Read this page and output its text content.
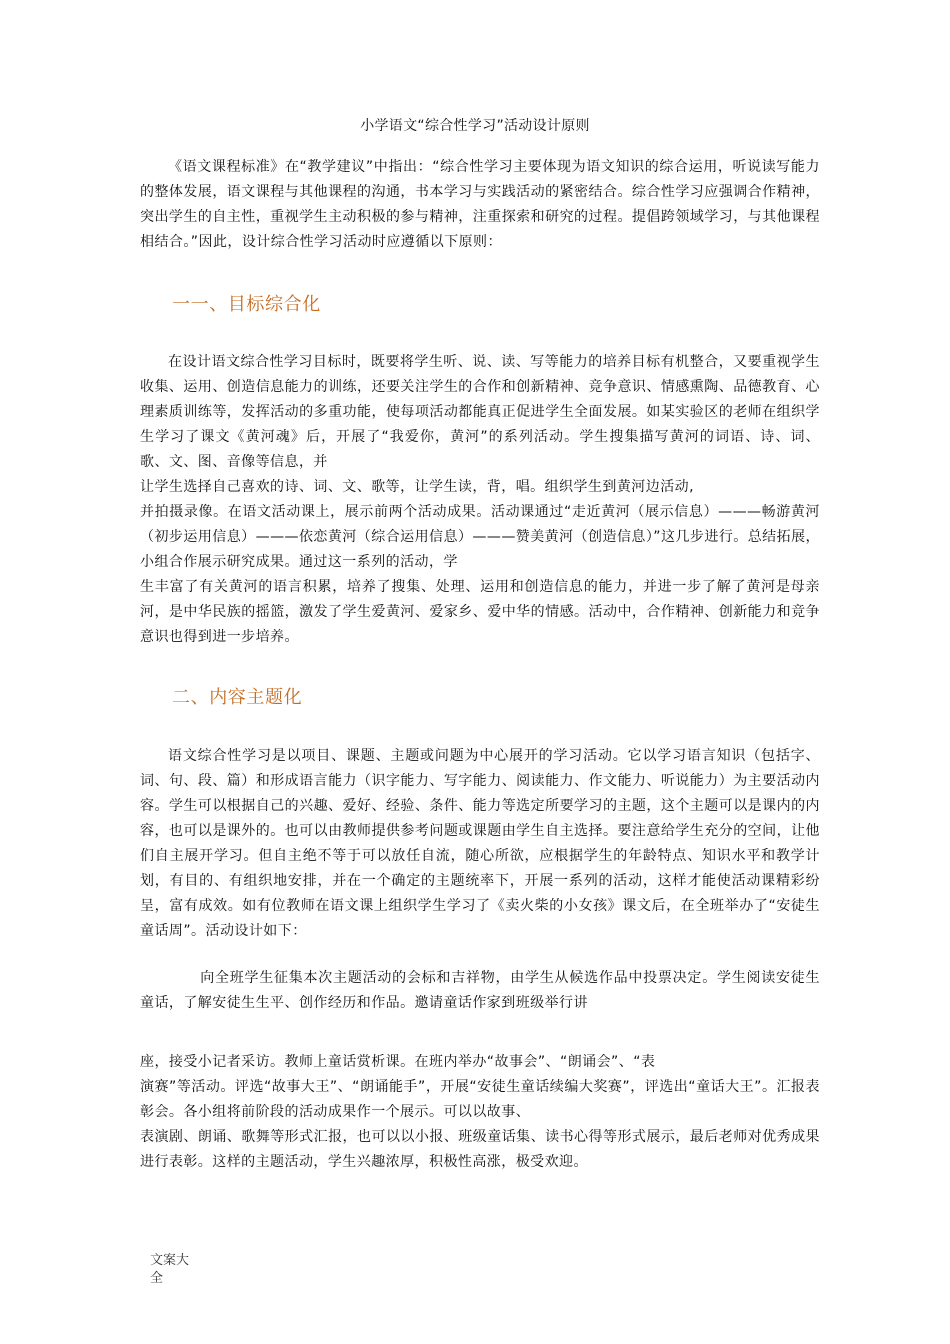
小学语文“综合性学习”活动设计原则

《语文课程标准》在“教学建议”中指出：“综合性学习主要体现为语文知识的综合运用，听说读写能力的整体发展，语文课程与其他课程的沟通，书本学习与实践活动的紧密结合。综合性学习应强调合作精神，突出学生的自主性，重视学生主动积极的参与精神，注重探索和研究的过程。提倡跨领域学习，与其他课程相结合。”因此，设计综合性学习活动时应遵循以下原则：

一一、目标综合化

在设计语文综合性学习目标时，既要将学生听、说、读、写等能力的培养目标有机整合，又要重视学生收集、运用、创造信息能力的训练，还要关注学生的合作和创新精神、竞争意识、情感熏陶、品德教育、心理素质训练等，发挥活动的多重功能，使每项活动都能真正促进学生全面发展。如某实验区的老师在组织学生学习了课文《黄河魂》后，开展了“我爱你，黄河”的系列活动。学生搜集描写黄河的词语、诗、词、歌、文、图、音像等信息，并

让学生选择自己喜欢的诗、词、文、歌等，让学生读，背，唱。组织学生到黄河边活动,

并拍摄录像。在语文活动课上，展示前两个活动成果。活动课通过“走近黄河（展示信息）———畅游黄河（初步运用信息）———依恋黄河（综合运用信息）———赞美黄河（创造信息）”这几步进行。总结拓展，小组合作展示研究成果。通过这一系列的活动，学

生丰富了有关黄河的语言积累，培养了搜集、处理、运用和创造信息的能力，并进一步了解了黄河是母亲河，是中华民族的摇篮，激发了学生爱黄河、爱家乡、爱中华的情感。活动中，合作精神、创新能力和竞争意识也得到进一步培养。

二、内容主题化

语文综合性学习是以项目、课题、主题或问题为中心展开的学习活动。它以学习语言知识（包括字、词、句、段、篇）和形成语言能力（识字能力、写字能力、阅读能力、作文能力、听说能力）为主要活动内容。学生可以根据自己的兴趣、爱好、经验、条件、能力等选定所要学习的主题，这个主题可以是课内的内容，也可以是课外的。也可以由教师提供参考问题或课题由学生自主选择。要注意给学生充分的空间，让他们自主展开学习。但自主绝不等于可以放任自流，随心所欲，应根据学生的年龄特点、知识水平和教学计划，有目的、有组织地安排，并在一个确定的主题统率下，开展一系列的活动，这样才能使活动课精彩纷呈，富有成效。如有位教师在语文课上组织学生学习了《卖火柴的小女孩》课文后，在全班举办了“安徒生童话周”。活动设计如下：

向全班学生征集本次主题活动的会标和吉祥物，由学生从候选作品中投票决定。学生阅读安徒生童话，了解安徒生生平、创作经历和作品。邀请童话作家到班级举行讲

座，接受小记者采访。教师上童话赏析课。在班内举办“故事会”、“朗诵会”、“表

演赛”等活动。评选“故事大王”、“朗诵能手”，开展“安徒生童话续编大奖赛”，评选出“童话大王”。汇报表彰会。各小组将前阶段的活动成果作一个展示。可以以故事、

表演剧、朗诵、歌舞等形式汇报，也可以以小报、班级童话集、读书心得等形式展示，最后老师对优秀成果进行表彰。这样的主题活动，学生兴趣浓厚，积极性高涨，极受欢迎。

文案大全
